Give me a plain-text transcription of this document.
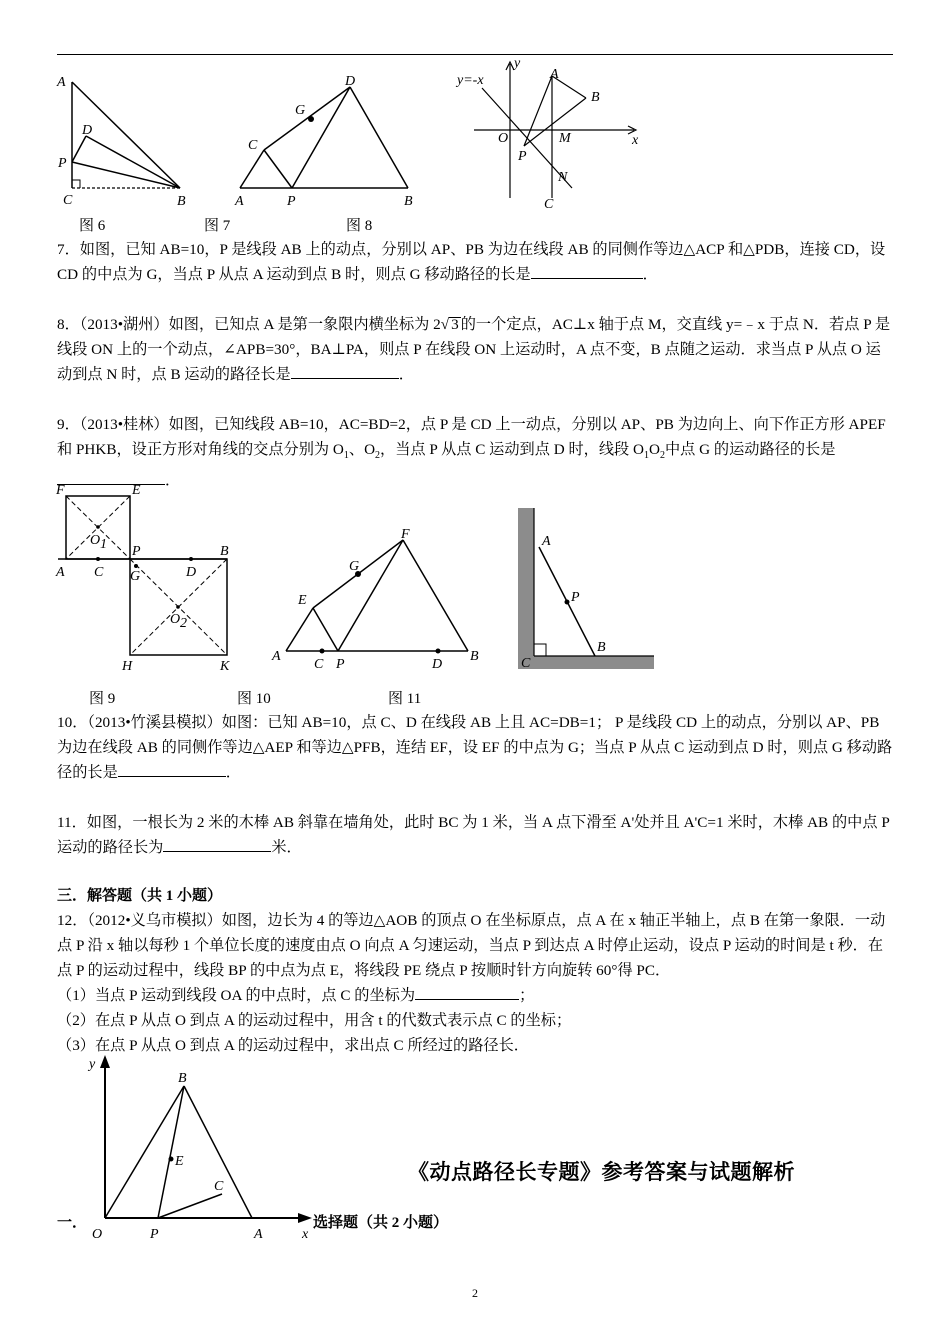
A
D
P
C	B
D
G
C
A	P	B
y
y=-x	A
B
O	M	x
P
N
C
图 6	图 7	图 8
7．如图，已知 AB=10，P 是线段 AB 上的动点，分别以 AP、PB 为边在线段 AB 的同侧作等边△ACP 和△PDB，连接 CD，设 CD 的中点为 G，当点 P 从点 A 运动到点 B 时，则点 G 移动路径的长是	．
8．（2013•湖州）如图，已知点 A 是第一象限内横坐标为 2√ 3 的一个定点，AC⊥x 轴于点 M，交直线 y=﹣x 于点 N．若点 P 是线段 ON 上的一个动点，∠APB=30°，BA⊥PA，则点 P 在线段 ON 上运动时，A 点不变，B 点随之运动．求当点 P 从点 O 运动到点 N 时，点 B 运动的路径长是	．
9．（2013•桂林）如图，已知线段 AB=10，AC=BD=2，点 P 是 CD 上一动点，分别以 AP、PB 为边向上、向下作正方形 APEF 和 PHKB，设正方形对角线的交点分别为 $O_1$、$O_2$，当点 P 从点 C 运动到点 D 时，线段 $O_1O_2$中点 G 的运动路径的长是．
F	E
O 1 P	B
A C G	D
O 2
H	K
F
G
E
A
C P	D
B
A
P
B
C
图 9	图 10	图 11
10．（2013•竹溪县模拟）如图：已知 AB=10，点 C、D 在线段 AB 上且 AC=DB=1； P 是线段 CD 上的动点，分别以 AP、PB 为边在线段 AB 的同侧作等边△AEP 和等边△PFB，连结 EF，设 EF 的中点为 G；当点 P 从点 C 运动到点 D 时，则点 G 移动路径的长是	．
11．如图，一根长为 2 米的木棒 AB 斜靠在墙角处，此时 BC 为 1 米，当 A 点下滑至 A'处并且 A'C=1 米时，木棒 AB 的中点 P 运动的路径长为	米．
三．解答题（共 1 小题）
12．（2012•义乌市模拟）如图，边长为 4 的等边△AOB 的顶点 O 在坐标原点，点 A 在 x 轴正半轴上，点 B 在第一象限．一动点 P 沿 x 轴以每秒 1 个单位长度的速度由点 O 向点 A 匀速运动，当点 P 到达点 A 时停止运动，设点 P 运动的时间是 t 秒．在点 P 的运动过程中，线段 BP 的中点为点 E，将线段 PE 绕点 P 按顺时针方向旋转 60°得 PC．
（1）当点 P 运动到线段 OA 的中点时，点 C 的坐标为	；
（2）在点 P 从点 O 到点 A 的运动过程中，用含 t 的代数式表示点 C 的坐标；
（3）在点 P 从点 O 到点 A 的运动过程中，求出点 C 所经过的路径长．
y
B
E
C
O	P	A	x
《动点路径长专题》参考答案与试题解析
一．	选择题（共 2 小题）
2
